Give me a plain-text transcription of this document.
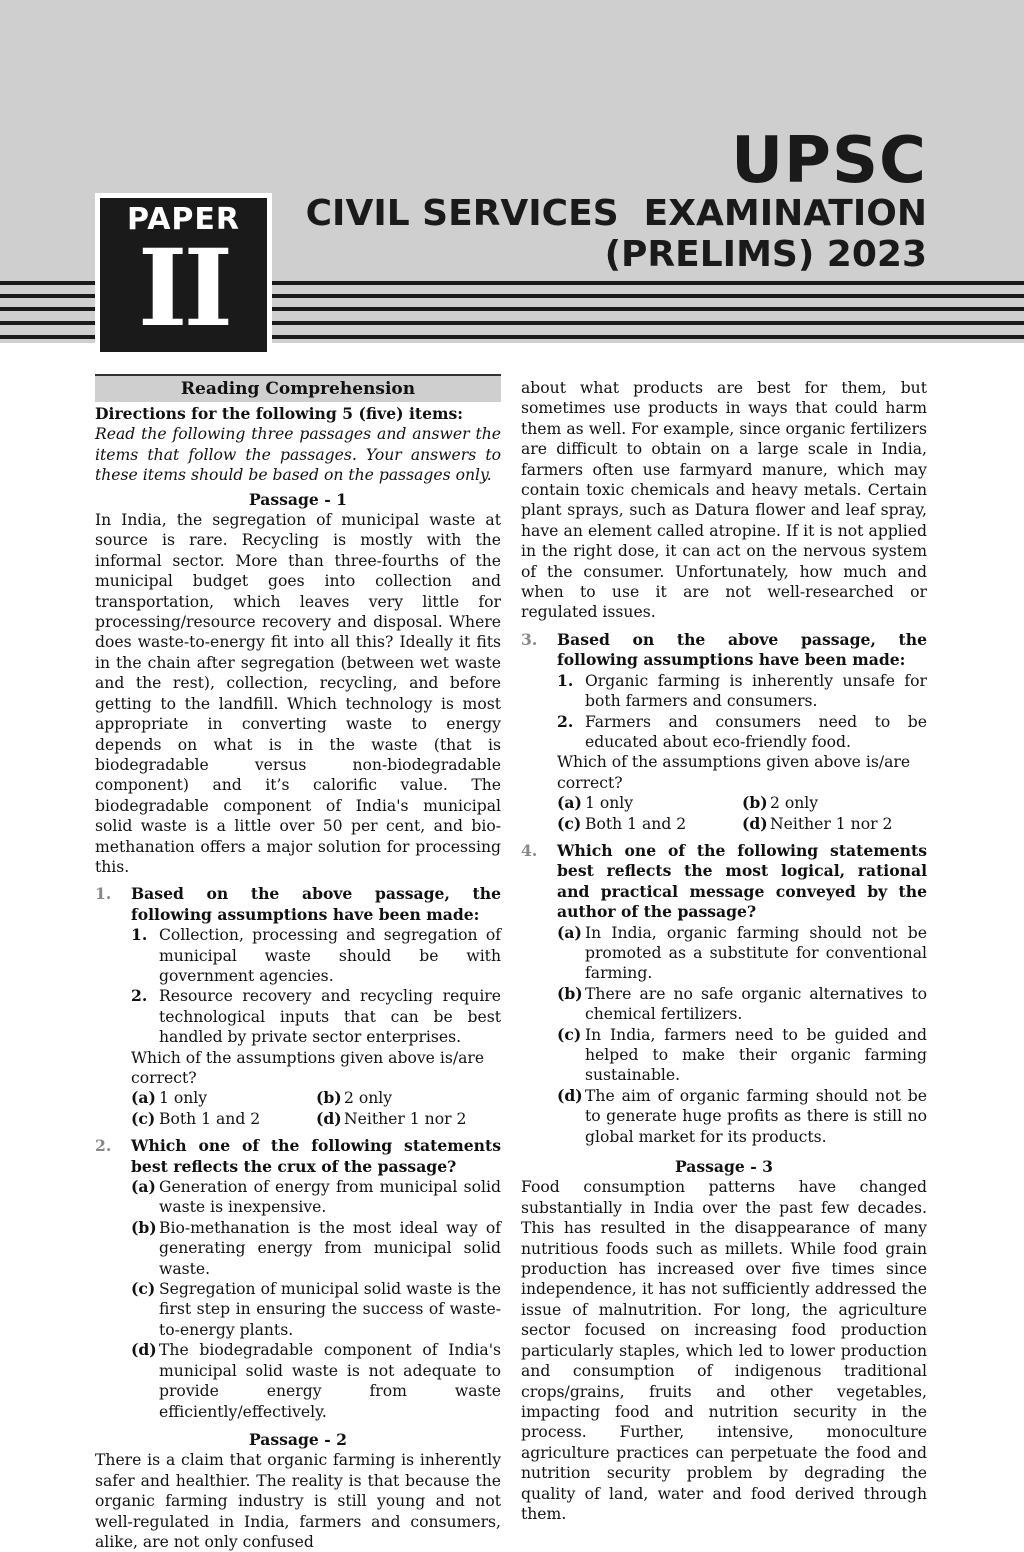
PAPER
II
UPSC
CIVIL SERVICES  EXAMINATION
(PRELIMS) 2023
Reading Comprehension

Directions for the following 5 (five) items:

Read the following three passages and answer the items that follow the passages. Your answers to these items should be based on the passages only.

Passage - 1

In India, the segregation of municipal waste at source is rare. Recycling is mostly with the informal sector. More than three-fourths of the municipal budget goes into collection and transportation, which leaves very little for processing/resource recovery and disposal. Where does waste-to-energy fit into all this? Ideally it fits in the chain after segregation (between wet waste and the rest), collection, recycling, and before getting to the landfill. Which technology is most appropriate in converting waste to energy depends on what is in the waste (that is biodegradable versus non-biodegradable component) and it’s calorific value. The biodegradable component of India's municipal solid waste is a little over 50 per cent, and bio-methanation offers a major solution for processing this.

1.	Based on the above passage, the following assumptions have been made:
1. Collection, processing and segregation of municipal waste should be with government agencies.
2. Resource recovery and recycling require technological inputs that can be best handled by private sector enterprises.
Which of the assumptions given above is/are correct?
(a) 1 only	(b) 2 only
(c) Both 1 and 2	(d) Neither 1 nor 2
2.	Which one of the following statements best reflects the crux of the passage?
(a) Generation of energy from municipal solid waste is inexpensive.
(b) Bio-methanation is the most ideal way of generating energy from municipal solid waste.
(c) Segregation of municipal solid waste is the first step in ensuring the success of waste-to-energy plants.
(d) The biodegradable component of India's municipal solid waste is not adequate to provide energy from waste efficiently/effectively.

Passage - 2

There is a claim that organic farming is inherently safer and healthier. The reality is that because the organic farming industry is still young and not well-regulated in India, farmers and consumers, alike, are not only confused

about what products are best for them, but sometimes use products in ways that could harm them as well. For example, since organic fertilizers are difficult to obtain on a large scale in India, farmers often use farmyard manure, which may contain toxic chemicals and heavy metals. Certain plant sprays, such as Datura flower and leaf spray, have an element called atropine. If it is not applied in the right dose, it can act on the nervous system of the consumer. Unfortunately, how much and when to use it are not well-researched or regulated issues.

3.	Based on the above passage, the following assumptions have been made:
1. Organic farming is inherently unsafe for both farmers and consumers.
2. Farmers and consumers need to be educated about eco-friendly food.
Which of the assumptions given above is/are correct?
(a) 1 only	(b) 2 only
(c) Both 1 and 2	(d) Neither 1 nor 2
4.	Which one of the following statements best reflects the most logical, rational and practical message conveyed by the author of the passage?
(a) In India, organic farming should not be promoted as a substitute for conventional farming.
(b) There are no safe organic alternatives to chemical fertilizers.
(c) In India, farmers need to be guided and helped to make their organic farming sustainable.
(d) The aim of organic farming should not be to generate huge profits as there is still no global market for its products.

Passage - 3

Food consumption patterns have changed substantially in India over the past few decades. This has resulted in the disappearance of many nutritious foods such as millets. While food grain production has increased over five times since independence, it has not sufficiently addressed the issue of malnutrition. For long, the agriculture sector focused on increasing food production particularly staples, which led to lower production and consumption of indigenous traditional crops/grains, fruits and other vegetables, impacting food and nutrition security in the process. Further, intensive, monoculture agriculture practices can perpetuate the food and nutrition security problem by degrading the quality of land, water and food derived through them.
